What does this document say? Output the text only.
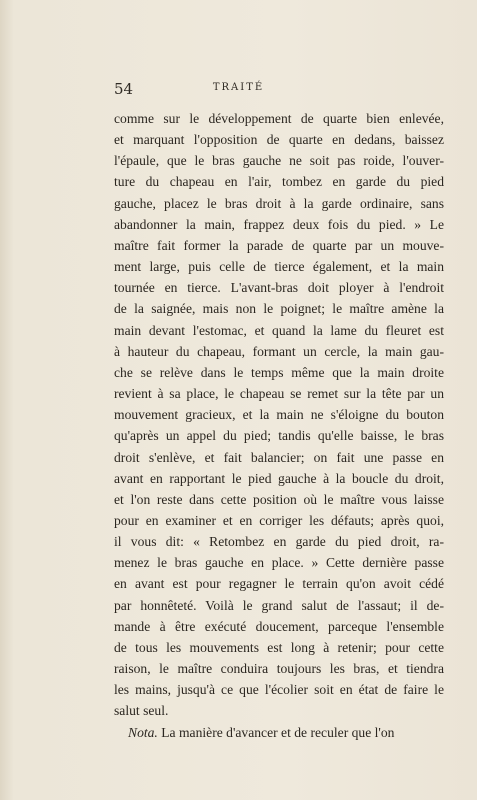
54	TRAITÉ

comme sur le développement de quarte bien enlevée,
et marquant l'opposition de quarte en dedans, baissez
l'épaule, que le bras gauche ne soit pas roide, l'ouver-
ture du chapeau en l'air, tombez en garde du pied
gauche, placez le bras droit à la garde ordinaire, sans
abandonner la main, frappez deux fois du pied. » Le
maître fait former la parade de quarte par un mouve-
ment large, puis celle de tierce également, et la main
tournée en tierce. L'avant-bras doit ployer à l'endroit
de la saignée, mais non le poignet; le maître amène la
main devant l'estomac, et quand la lame du fleuret est
à hauteur du chapeau, formant un cercle, la main gau-
che se relève dans le temps même que la main droite
revient à sa place, le chapeau se remet sur la tête par un
mouvement gracieux, et la main ne s'éloigne du bouton
qu'après un appel du pied; tandis qu'elle baisse, le bras
droit s'enlève, et fait balancier; on fait une passe en
avant en rapportant le pied gauche à la boucle du droit,
et l'on reste dans cette position où le maître vous laisse
pour en examiner et en corriger les défauts; après quoi,
il vous dit: « Retombez en garde du pied droit, ra-
menez le bras gauche en place. » Cette dernière passe
en avant est pour regagner le terrain qu'on avoit cédé
par honnêteté. Voilà le grand salut de l'assaut; il de-
mande à être exécuté doucement, parceque l'ensemble
de tous les mouvements est long à retenir; pour cette
raison, le maître conduira toujours les bras, et tiendra
les mains, jusqu'à ce que l'écolier soit en état de faire le
salut seul.
Nota. La manière d'avancer et de reculer que l'on
